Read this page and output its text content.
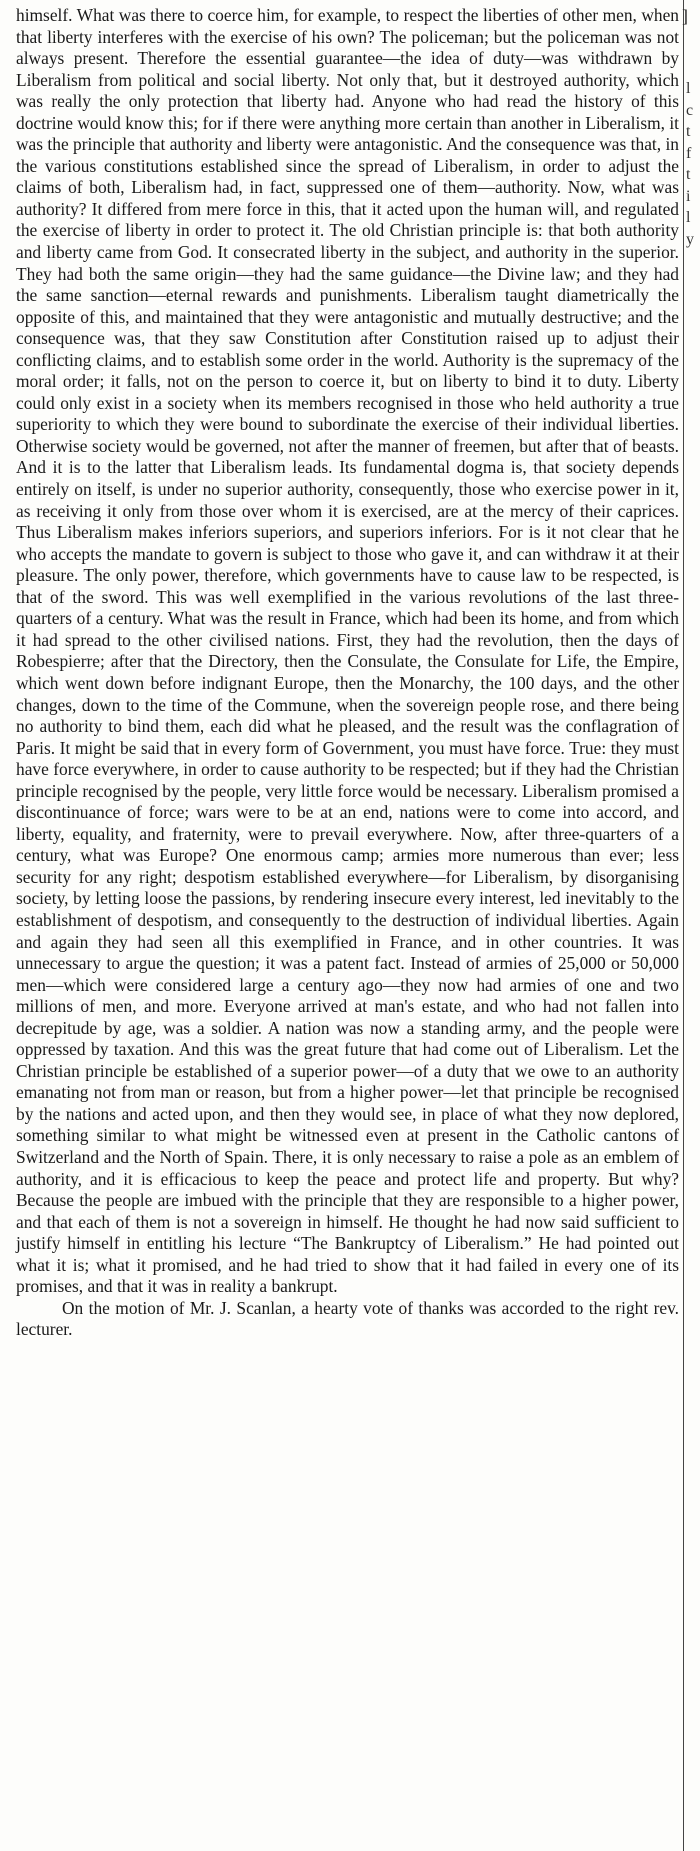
himself. What was there to coerce him, for example, to respect the liberties of other men, when that liberty interferes with the exercise of his own? The policeman; but the policeman was not always present. Therefore the essential guarantee—the idea of duty—was withdrawn by Liberalism from political and social liberty. Not only that, but it destroyed authority, which was really the only protection that liberty had. Anyone who had read the history of this doctrine would know this; for if there were anything more certain than another in Liberalism, it was the principle that authority and liberty were antagonistic. And the consequence was that, in the various constitutions established since the spread of Liberalism, in order to adjust the claims of both, Liberalism had, in fact, suppressed one of them—authority. Now, what was authority? It differed from mere force in this, that it acted upon the human will, and regulated the exercise of liberty in order to protect it. The old Christian principle is: that both authority and liberty came from God. It consecrated liberty in the subject, and authority in the superior. They had both the same origin—they had the same guidance—the Divine law; and they had the same sanction—eternal rewards and punishments. Liberalism taught diametrically the opposite of this, and maintained that they were antagonistic and mutually destructive; and the consequence was, that they saw Constitution after Constitution raised up to adjust their conflicting claims, and to establish some order in the world. Authority is the supremacy of the moral order; it falls, not on the person to coerce it, but on liberty to bind it to duty. Liberty could only exist in a society when its members recognised in those who held authority a true superiority to which they were bound to subordinate the exercise of their individual liberties. Otherwise society would be governed, not after the manner of freemen, but after that of beasts. And it is to the latter that Liberalism leads. Its fundamental dogma is, that society depends entirely on itself, is under no superior authority, consequently, those who exercise power in it, as receiving it only from those over whom it is exercised, are at the mercy of their caprices. Thus Liberalism makes inferiors superiors, and superiors inferiors. For is it not clear that he who accepts the mandate to govern is subject to those who gave it, and can withdraw it at their pleasure. The only power, therefore, which governments have to cause law to be respected, is that of the sword. This was well exemplified in the various revolutions of the last three-quarters of a century. What was the result in France, which had been its home, and from which it had spread to the other civilised nations. First, they had the revolution, then the days of Robespierre; after that the Directory, then the Consulate, the Consulate for Life, the Empire, which went down before indignant Europe, then the Monarchy, the 100 days, and the other changes, down to the time of the Commune, when the sovereign people rose, and there being no authority to bind them, each did what he pleased, and the result was the conflagration of Paris. It might be said that in every form of Government, you must have force. True: they must have force everywhere, in order to cause authority to be respected; but if they had the Christian principle recognised by the people, very little force would be necessary. Liberalism promised a discontinuance of force; wars were to be at an end, nations were to come into accord, and liberty, equality, and fraternity, were to prevail everywhere. Now, after three-quarters of a century, what was Europe? One enormous camp; armies more numerous than ever; less security for any right; despotism established everywhere—for Liberalism, by disorganising society, by letting loose the passions, by rendering insecure every interest, led inevitably to the establishment of despotism, and consequently to the destruction of individual liberties. Again and again they had seen all this exemplified in France, and in other countries. It was unnecessary to argue the question; it was a patent fact. Instead of armies of 25,000 or 50,000 men—which were considered large a century ago—they now had armies of one and two millions of men, and more. Everyone arrived at man's estate, and who had not fallen into decrepitude by age, was a soldier. A nation was now a standing army, and the people were oppressed by taxation. And this was the great future that had come out of Liberalism. Let the Christian principle be established of a superior power—of a duty that we owe to an authority emanating not from man or reason, but from a higher power—let that principle be recognised by the nations and acted upon, and then they would see, in place of what they now deplored, something similar to what might be witnessed even at present in the Catholic cantons of Switzerland and the North of Spain. There, it is only necessary to raise a pole as an emblem of authority, and it is efficacious to keep the peace and protect life and property. But why? Because the people are imbued with the principle that they are responsible to a higher power, and that each of them is not a sovereign in himself. He thought he had now said sufficient to justify himself in entitling his lecture “The Bankruptcy of Liberalism.” He had pointed out what it is; what it promised, and he had tried to show that it had failed in every one of its promises, and that it was in reality a bankrupt.

On the motion of Mr. J. Scanlan, a hearty vote of thanks was accorded to the right rev. lecturer.

]
l
c
t
f
t
i
l
y
